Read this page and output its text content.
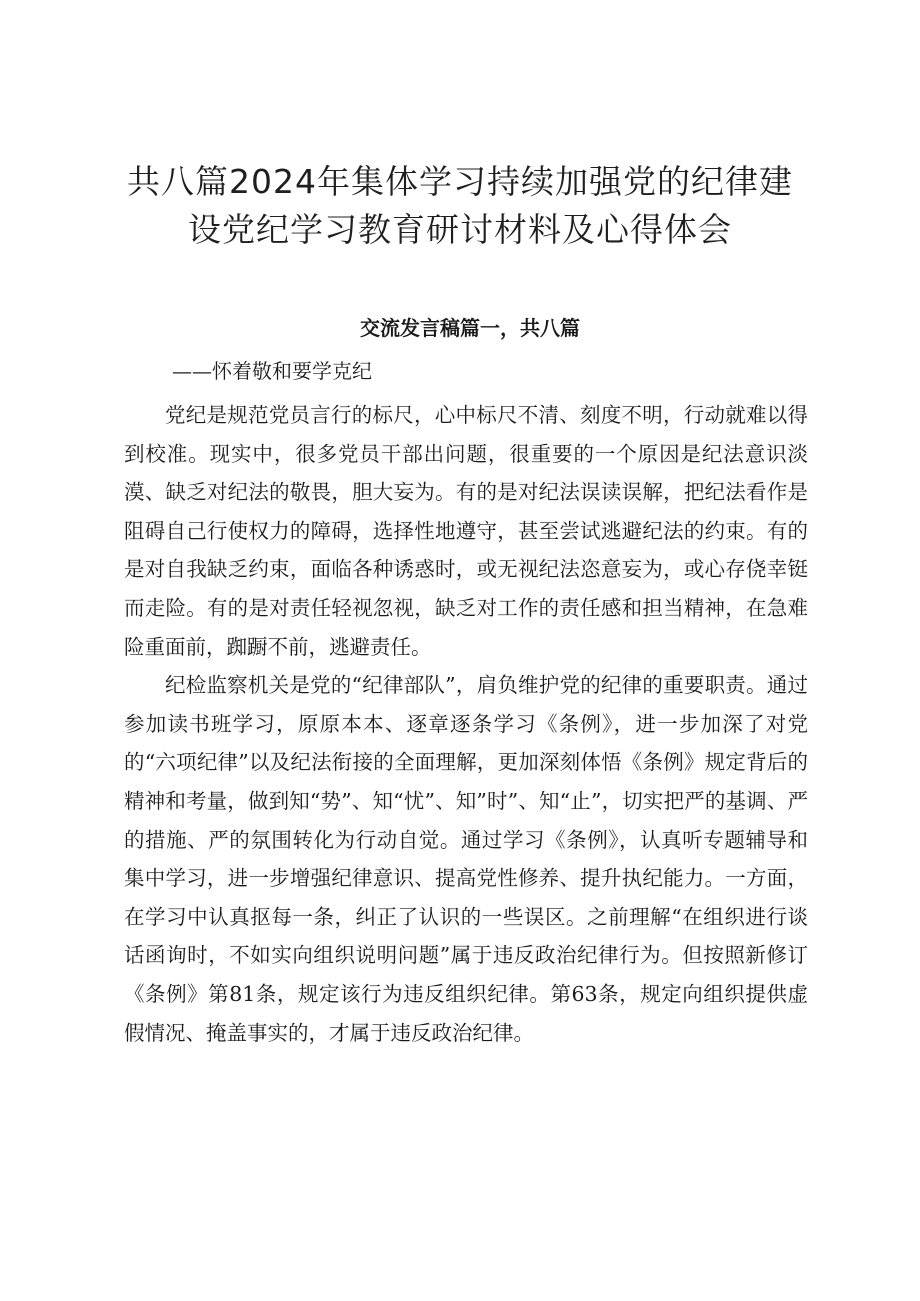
共八篇2024年集体学习持续加强党的纪律建设党纪学习教育研讨材料及心得体会
交流发言稿篇一，共八篇

——怀着敬和要学克纪

党纪是规范党员言行的标尺，心中标尺不清、刻度不明，行动就难以得到校准。现实中，很多党员干部出问题，很重要的一个原因是纪法意识淡漠、缺乏对纪法的敬畏，胆大妄为。有的是对纪法误读误解，把纪法看作是阻碍自己行使权力的障碍，选择性地遵守，甚至尝试逃避纪法的约束。有的是对自我缺乏约束，面临各种诱惑时，或无视纪法恣意妄为，或心存侥幸铤而走险。有的是对责任轻视忽视，缺乏对工作的责任感和担当精神，在急难险重面前，踟蹰不前，逃避责任。

纪检监察机关是党的“纪律部队”，肩负维护党的纪律的重要职责。通过参加读书班学习，原原本本、逐章逐条学习《条例》，进一步加深了对党的“六项纪律”以及纪法衔接的全面理解，更加深刻体悟《条例》规定背后的精神和考量，做到知“势”、知“忧”、知”时”、知“止”，切实把严的基调、严的措施、严的氛围转化为行动自觉。通过学习《条例》，认真听专题辅导和集中学习，进一步增强纪律意识、提高党性修养、提升执纪能力。一方面，在学习中认真抠每一条，纠正了认识的一些误区。之前理解“在组织进行谈话函询时，不如实向组织说明问题”属于违反政治纪律行为。但按照新修订《条例》第81条，规定该行为违反组织纪律。第63条，规定向组织提供虚假情况、掩盖事实的，才属于违反政治纪律。
